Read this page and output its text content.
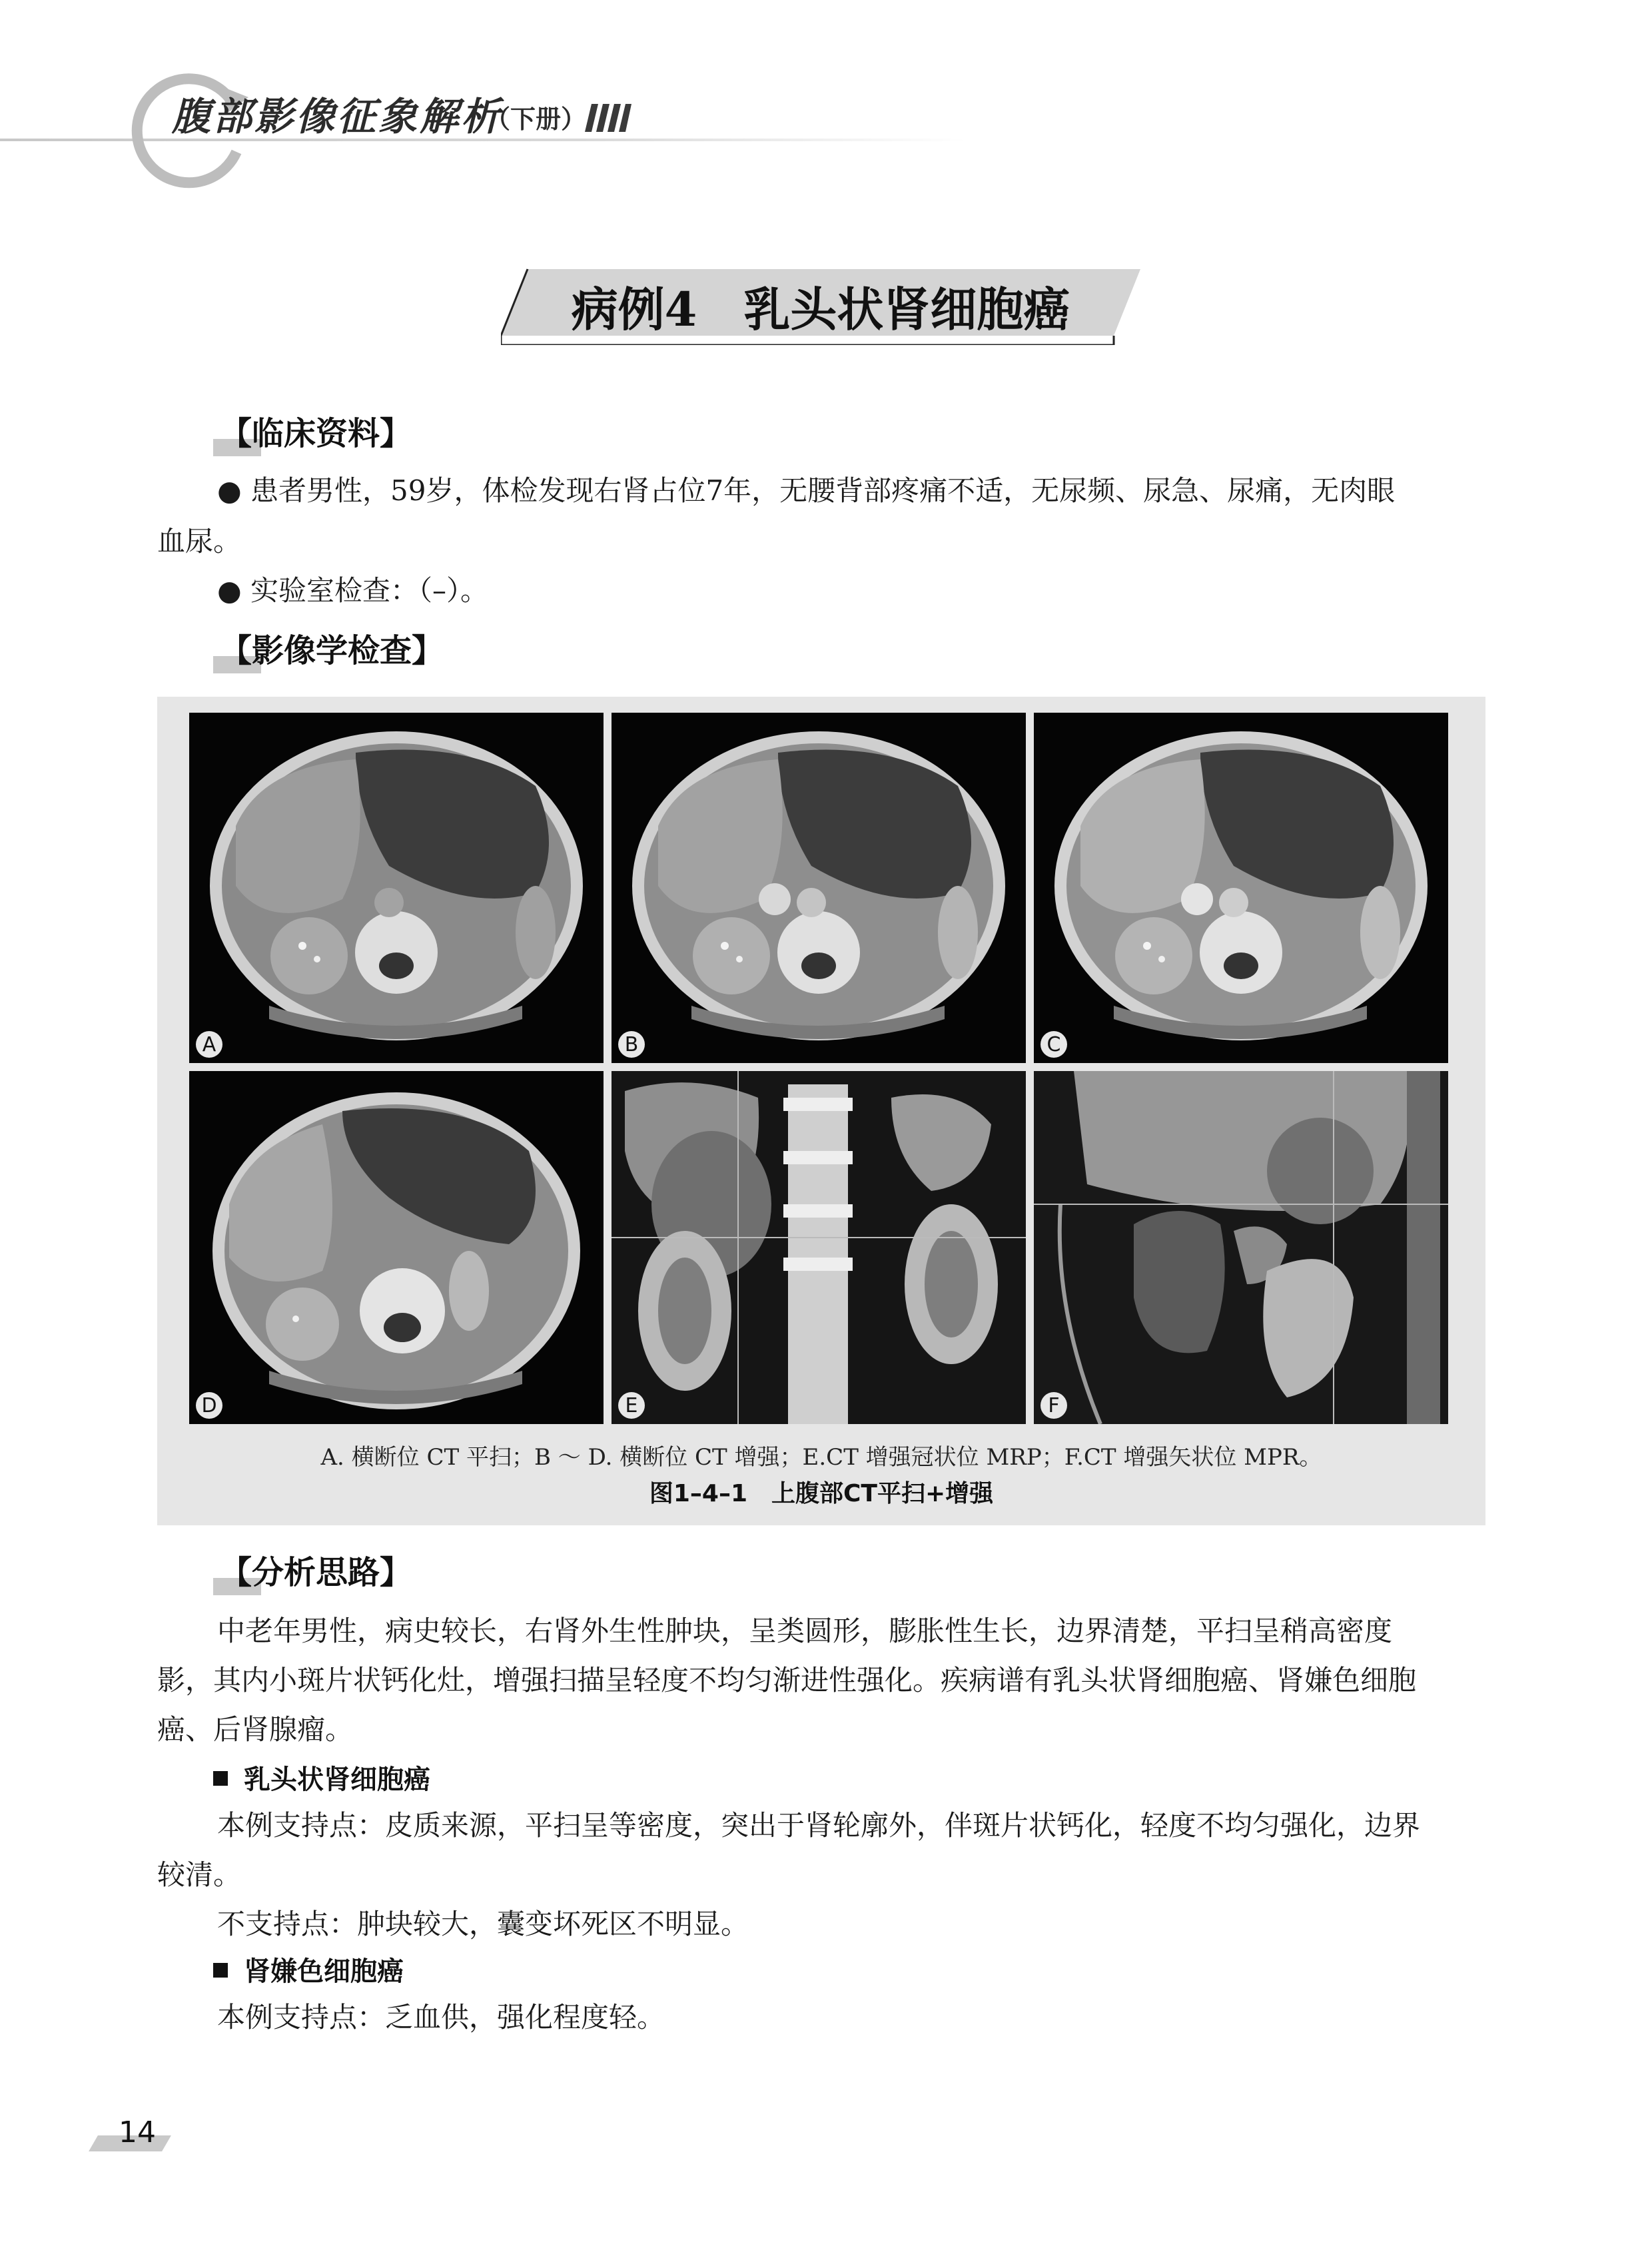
腹部影像征象解析
（下册）
病例4 乳头状肾细胞癌
【临床资料】
● 患者男性，59岁，体检发现右肾占位7年，无腰背部疼痛不适，无尿频、尿急、尿痛，无肉眼
血尿。
● 实验室检查：（–）。
【影像学检查】
A	B	C
D	E	F
A. 横断位 CT 平扫；B ～ D. 横断位 CT 增强；E.CT 增强冠状位 MRP；F.CT 增强矢状位 MPR。
图1–4–1　上腹部CT平扫+增强
【分析思路】
中老年男性，病史较长，右肾外生性肿块，呈类圆形，膨胀性生长，边界清楚，平扫呈稍高密度
影，其内小斑片状钙化灶，增强扫描呈轻度不均匀渐进性强化。疾病谱有乳头状肾细胞癌、肾嫌色细胞
癌、后肾腺瘤。
乳头状肾细胞癌
本例支持点：皮质来源，平扫呈等密度，突出于肾轮廓外，伴斑片状钙化，轻度不均匀强化，边界
较清。
不支持点：肿块较大，囊变坏死区不明显。
肾嫌色细胞癌
本例支持点：乏血供，强化程度轻。
14
